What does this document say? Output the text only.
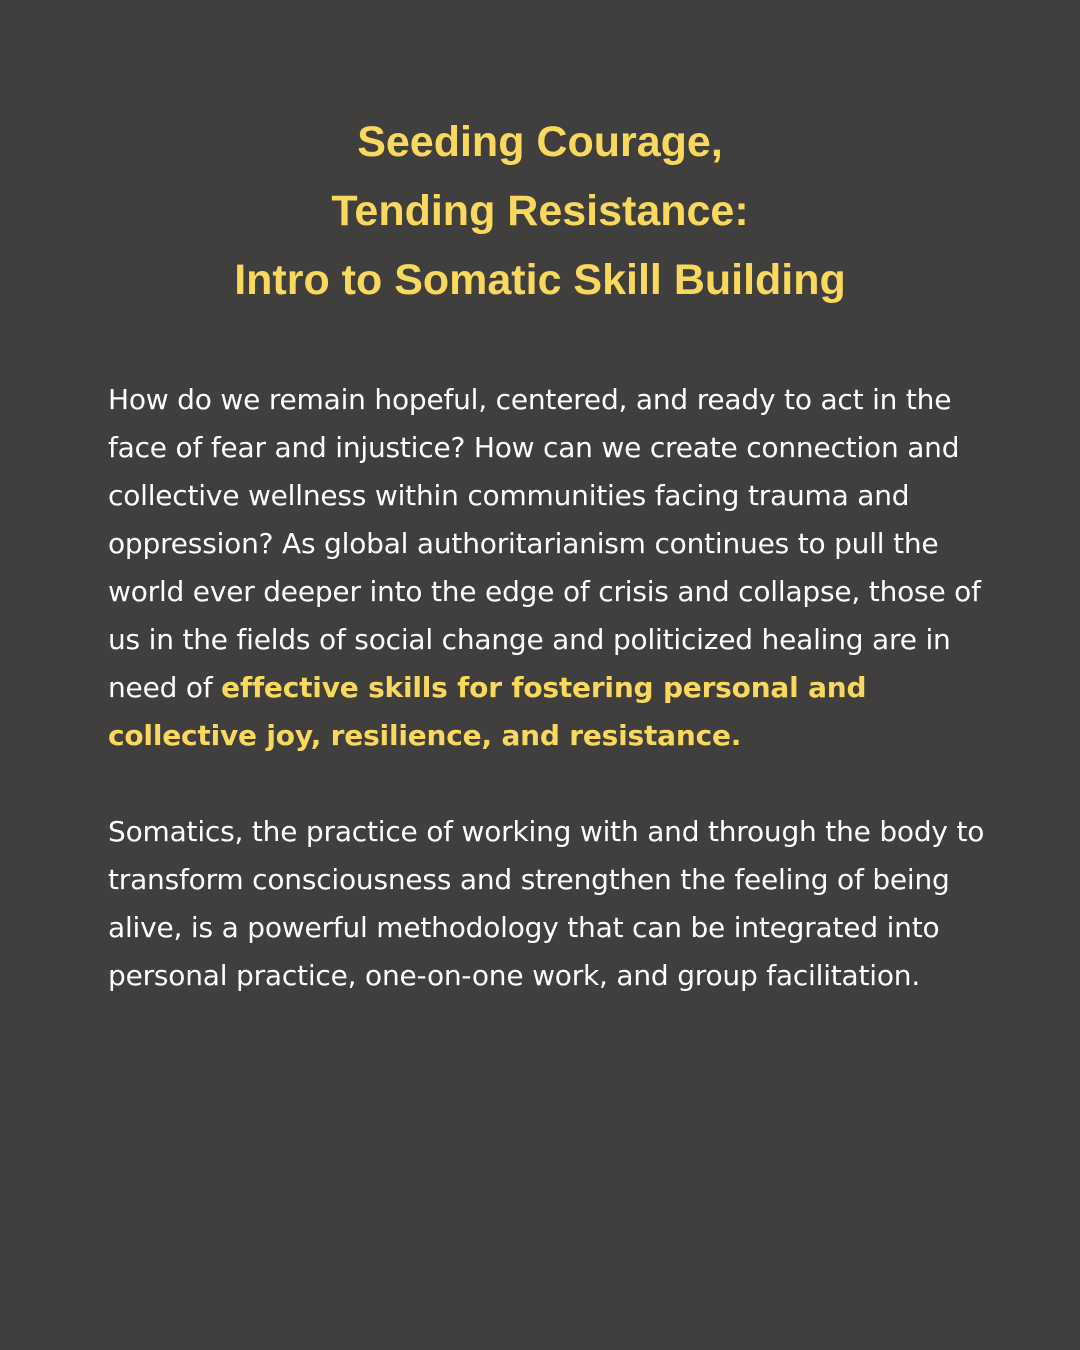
Seeding Courage,
Tending Resistance:
Intro to Somatic Skill Building

How do we remain hopeful, centered, and ready to act in the face of fear and injustice? How can we create connection and collective wellness within communities facing trauma and oppression? As global authoritarianism continues to pull the world ever deeper into the edge of crisis and collapse, those of us in the fields of social change and politicized healing are in need of effective skills for fostering personal and collective joy, resilience, and resistance.

Somatics, the practice of working with and through the body to transform consciousness and strengthen the feeling of being alive, is a powerful methodology that can be integrated into personal practice, one-on-one work, and group facilitation.
